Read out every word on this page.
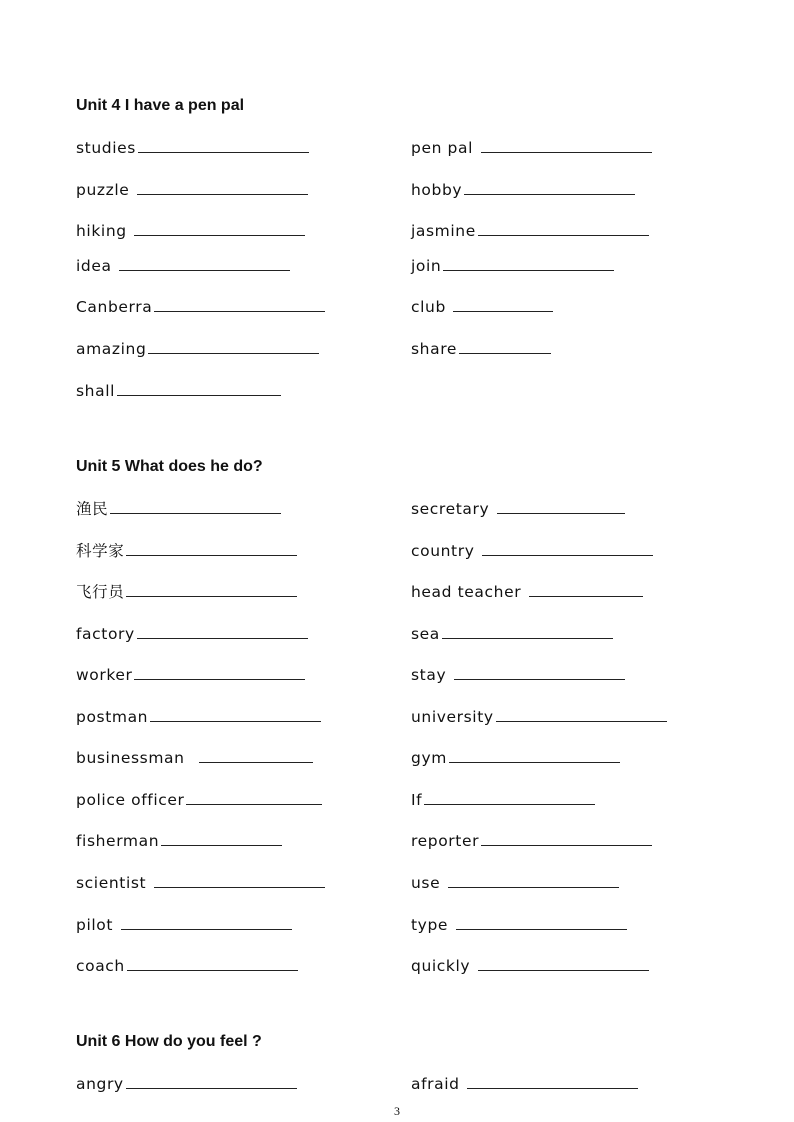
Unit 4 I have a pen pal
studies	pen pal
puzzle	hobby
hiking	jasmine
idea	join
Canberra	club
amazing	share
shall
Unit 5 What does he do?
渔民	secretary
科学家	country
飞行员	head teacher
factory	sea
worker	stay
postman	university
businessman	gym
police officer	If
fisherman	reporter
scientist	use
pilot	type
coach	quickly
Unit 6 How do you feel ?
angry	afraid
3
